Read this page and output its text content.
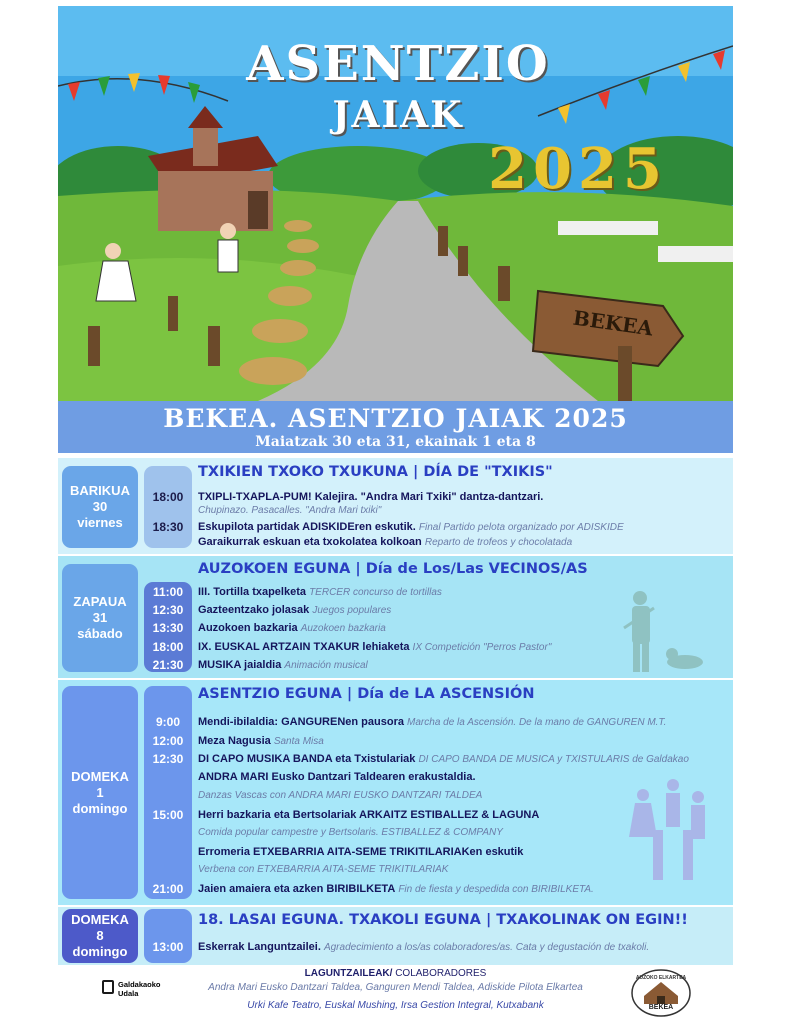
ASENTZIO
JAIAK
2025
BEKEA
BEKEA. ASENTZIO JAIAK 2025
Maiatzak 30 eta 31, ekainak 1 eta 8
BARIKUA
30
viernes
TXIKIEN TXOKO TXUKUNA | DÍA DE "TXIKIS"
18:00	TXIPLI-TXAPLA-PUM! Kalejira. "Andra Mari Txiki" dantza-dantzari.
Chupinazo. Pasacalles. "Andra Mari txiki"
18:30	Eskupilota partidak ADISKIDEren eskutik. Final Partido pelota organizado por ADISKIDE
Garaikurrak eskuan eta txokolatea kolkoan Reparto de trofeos y chocolatada
ZAPAUA
31
sábado
AUZOKOEN EGUNA | Día de Los/Las VECINOS/AS
11:00	III. Tortilla txapelketa TERCER concurso de tortillas
12:30	Gazteentzako jolasak Juegos populares
13:30	Auzokoen bazkaria Auzokoen bazkaria
18:00	IX. EUSKAL ARTZAIN TXAKUR lehiaketa IX Competición "Perros Pastor"
21:30	MUSIKA jaialdia Animación musical
DOMEKA
1
domingo
ASENTZIO EGUNA | Día de LA ASCENSIÓN
9:00	Mendi-ibilaldia: GANGURENen pausora Marcha de la Ascensión. De la mano de GANGUREN M.T.
12:00	Meza Nagusia Santa Misa
12:30	DI CAPO MUSIKA BANDA eta Txistulariak DI CAPO BANDA DE MUSICA y TXISTULARIS de Galdakao
ANDRA MARI Eusko Dantzari Taldearen erakustaldia.
Danzas Vascas con ANDRA MARI EUSKO DANTZARI TALDEA
15:00	Herri bazkaria eta Bertsolariak ARKAITZ ESTIBALLEZ & LAGUNA
Comida popular campestre y Bertsolaris. ESTIBALLEZ & COMPANY
Erromeria ETXEBARRIA AITA-SEME TRIKITILARIAKen eskutik
Verbena con ETXEBARRIA AITA-SEME TRIKITILARIAK
21:00	Jaien amaiera eta azken BIRIBILKETA Fin de fiesta y despedida con BIRIBILKETA.
DOMEKA
8
domingo
18. LASAI EGUNA. TXAKOLI EGUNA | TXAKOLINAK ON EGIN!!
13:00	Eskerrak Languntzailei. Agradecimiento a los/as colaboradores/as. Cata y degustación de txakoli.
LAGUNTZAILEAK/ COLABORADORES
Andra Mari Eusko Dantzari Taldea, Ganguren Mendi Taldea, Adiskide Pilota Elkartea
Urki Kafe Teatro, Euskal Mushing, Irsa Gestion Integral, Kutxabank
Galdakaoko
Udala
AUZOKO ELKARTEA
BEKEA
